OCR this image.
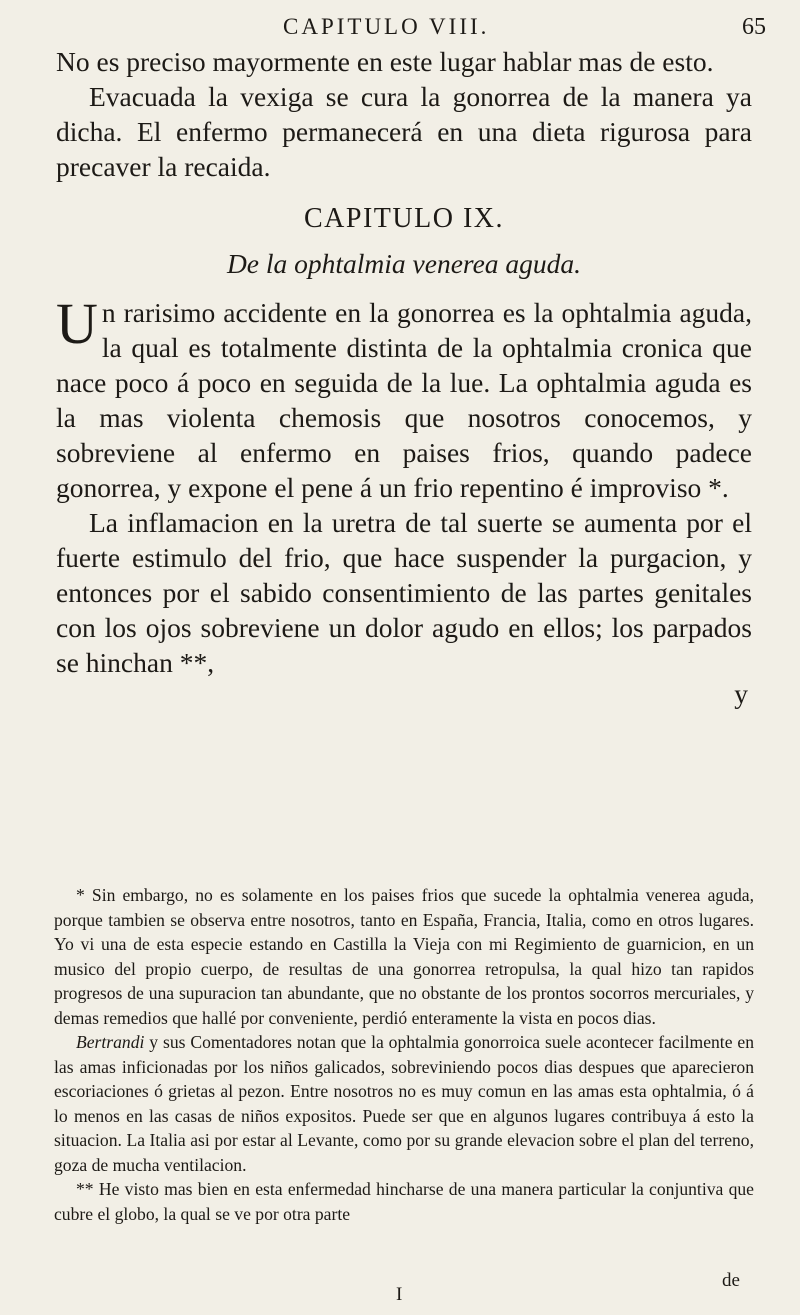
CAPITULO VIII.	65

No es preciso mayormente en este lugar hablar mas de esto.

Evacuada la vexiga se cura la gonorrea de la manera ya dicha. El enfermo permanecerá en una dieta rigurosa para precaver la recaida.

CAPITULO IX.

De la ophtalmia venerea aguda.

Un rarisimo accidente en la gonorrea es la ophtalmia aguda, la qual es totalmente distinta de la ophtalmia cronica que nace poco á poco en seguida de la lue. La ophtalmia aguda es la mas violenta chemosis que nosotros conocemos, y sobreviene al enfermo en paises frios, quando padece gonorrea, y expone el pene á un frio repentino é improviso *.

La inflamacion en la uretra de tal suerte se aumenta por el fuerte estimulo del frio, que hace suspender la purgacion, y entonces por el sabido consentimiento de las partes genitales con los ojos sobreviene un dolor agudo en ellos; los parpados se hinchan **,

y

* Sin embargo, no es solamente en los paises frios que sucede la ophtalmia venerea aguda, porque tambien se observa entre nosotros, tanto en España, Francia, Italia, como en otros lugares. Yo vi una de esta especie estando en Castilla la Vieja con mi Regimiento de guarnicion, en un musico del propio cuerpo, de resultas de una gonorrea retropulsa, la qual hizo tan rapidos progresos de una supuracion tan abundante, que no obstante de los prontos socorros mercuriales, y demas remedios que hallé por conveniente, perdió enteramente la vista en pocos dias.

Bertrandi y sus Comentadores notan que la ophtalmia gonorroica suele acontecer facilmente en las amas inficionadas por los niños galicados, sobreviniendo pocos dias despues que aparecieron escoriaciones ó grietas al pezon. Entre nosotros no es muy comun en las amas esta ophtalmia, ó á lo menos en las casas de niños expositos. Puede ser que en algunos lugares contribuya á esto la situacion. La Italia asi por estar al Levante, como por su grande elevacion sobre el plan del terreno, goza de mucha ventilacion.

** He visto mas bien en esta enfermedad hincharse de una manera particular la conjuntiva que cubre el globo, la qual se ve por otra parte

I
de
